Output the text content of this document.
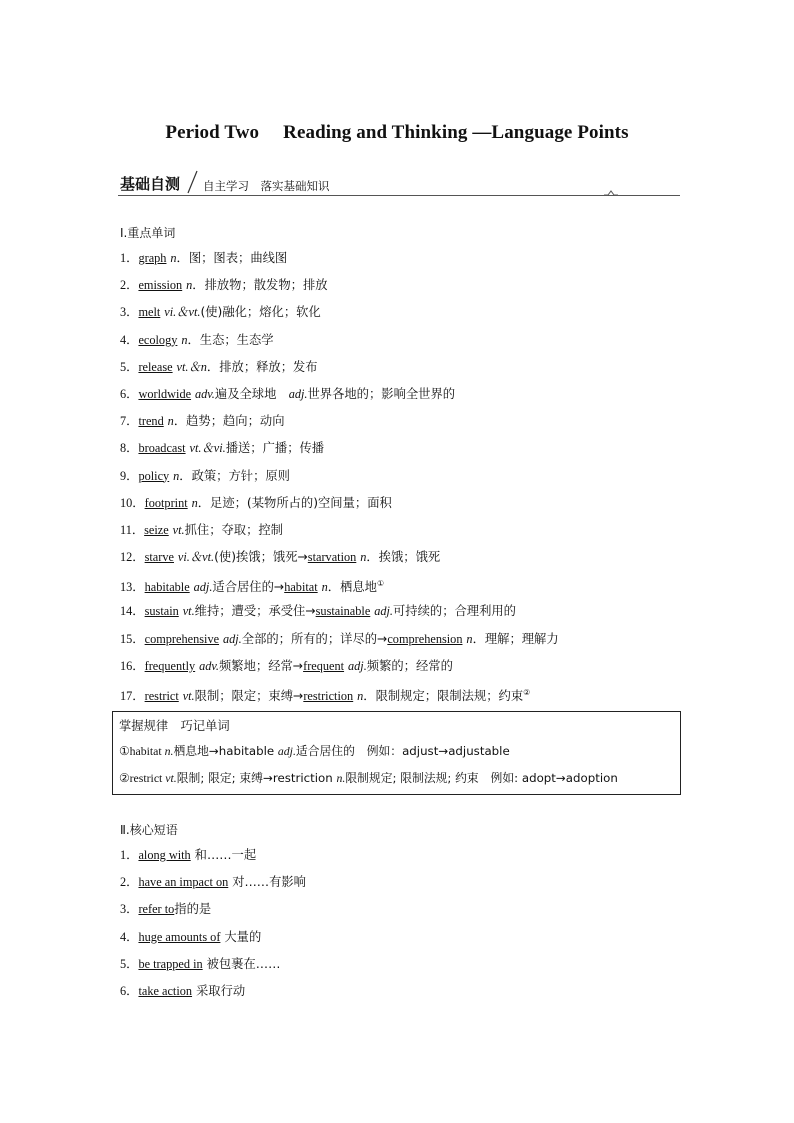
Period Two Reading and Thinking —Language Points
基础自测 自主学习　落实基础知识
Ⅰ.重点单词
1．graph n．图；图表；曲线图
2．emission n．排放物；散发物；排放
3．melt vi.＆vt.(使)融化；熔化；软化
4．ecology n．生态；生态学
5．release vt.＆n．排放；释放；发布
6．worldwide adv.遍及全球地　adj.世界各地的；影响全世界的
7．trend n．趋势；趋向；动向
8．broadcast vt.＆vi.播送；广播；传播
9．policy n．政策；方针；原则
10．footprint n．足迹；(某物所占的)空间量；面积
11．seize vt.抓住；夺取；控制
12．starve vi.＆vt.(使)挨饿；饿死→starvation n．挨饿；饿死
13．habitable adj.适合居住的→habitat n．栖息地①
14．sustain vt.维持；遭受；承受住→sustainable adj.可持续的；合理利用的
15．comprehensive adj.全部的；所有的；详尽的→comprehension n．理解；理解力
16．frequently adv.频繁地；经常→frequent adj.频繁的；经常的
17．restrict vt.限制；限定；束缚→restriction n．限制规定；限制法规；约束②
掌握规律　巧记单词
①habitat n.栖息地→habitable adj.适合居住的　例如：adjust→adjustable
②restrict vt.限制; 限定; 束缚→restriction n.限制规定; 限制法规; 约束　例如: adopt→adoption
Ⅱ.核心短语
1．along with 和……一起
2．have an impact on 对……有影响
3．refer to指的是
4．huge amounts of 大量的
5．be trapped in 被包裹在……
6．take action 采取行动
